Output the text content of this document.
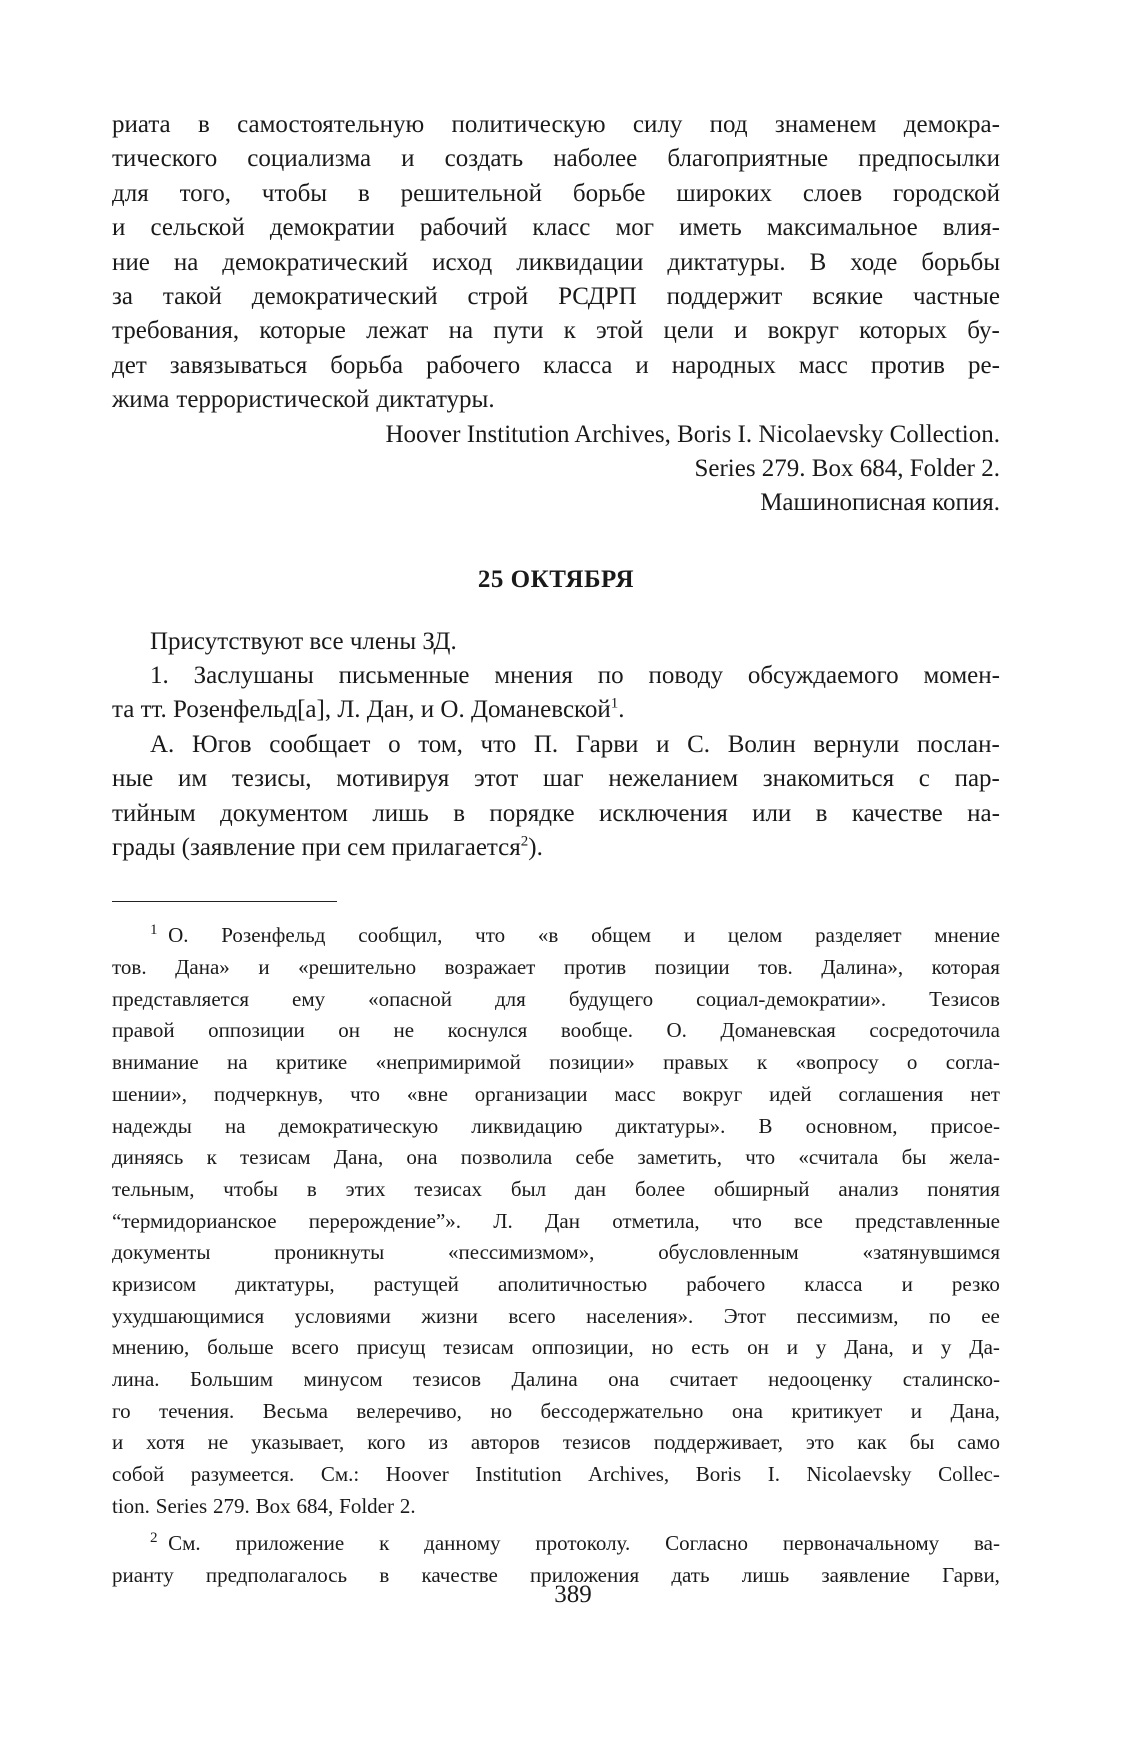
риата в самостоятельную политическую силу под знаменем демокра-
тического социализма и создать наболее благоприятные предпосылки
для того, чтобы в решительной борьбе широких слоев городской
и сельской демократии рабочий класс мог иметь максимальное влия-
ние на демократический исход ликвидации диктатуры. В ходе борьбы
за такой демократический строй РСДРП поддержит всякие частные
требования, которые лежат на пути к этой цели и вокруг которых бу-
дет завязываться борьба рабочего класса и народных масс против ре-
жима террористической диктатуры.
Hoover Institution Archives, Boris I. Nicolaevsky Collection.
Series 279. Box 684, Folder 2.
Машинописная копия.
25 ОКТЯБРЯ
Присутствуют все члены ЗД.
1. Заслушаны письменные мнения по поводу обсуждаемого момен-
та тт. Розенфельд[а], Л. Дан, и О. Доманевской$^1$.
А. Югов сообщает о том, что П. Гарви и С. Волин вернули послан-
ные им тезисы, мотивируя этот шаг нежеланием знакомиться с пар-
тийным документом лишь в порядке исключения или в качестве на-
грады (заявление при сем прилагается$^2$).
$^1$  О. Розенфельд сообщил, что «в общем и целом разделяет мнение
тов. Дана» и «решительно возражает против позиции тов. Далина», которая
представляется ему «опасной для будущего социал-демократии». Тезисов
правой оппозиции он не коснулся вообще. О. Доманевская сосредоточила
внимание на критике «непримиримой позиции» правых к «вопросу о согла-
шении», подчеркнув, что «вне организации масс вокруг идей соглашения нет
надежды на демократическую ликвидацию диктатуры». В основном, присое-
диняясь к тезисам Дана, она позволила себе заметить, что «считала бы жела-
тельным, чтобы в этих тезисах был дан более обширный анализ понятия
“термидорианское перерождение”». Л. Дан отметила, что все представленные
документы	проникнуты	«пессимизмом»,	обусловленным	«затянувшимся
кризисом диктатуры, растущей аполитичностью рабочего класса и резко
ухудшающимися условиями жизни всего населения». Этот пессимизм, по ее
мнению, больше всего присущ тезисам оппозиции, но есть он и у Дана, и у Да-
лина. Большим минусом тезисов Далина она считает недооценку сталинско-
го течения. Весьма велеречиво, но бессодержательно она критикует и Дана,
и хотя не указывает, кого из авторов тезисов поддерживает, это как бы само
собой разумеется. См.: Hoover Institution Archives, Boris I. Nicolaevsky Collec-
tion. Series 279. Box 684, Folder 2.
$^2$  См. приложение к данному протоколу. Согласно первоначальному ва-
рианту предполагалось в качестве приложения дать лишь заявление Гарви,
389
